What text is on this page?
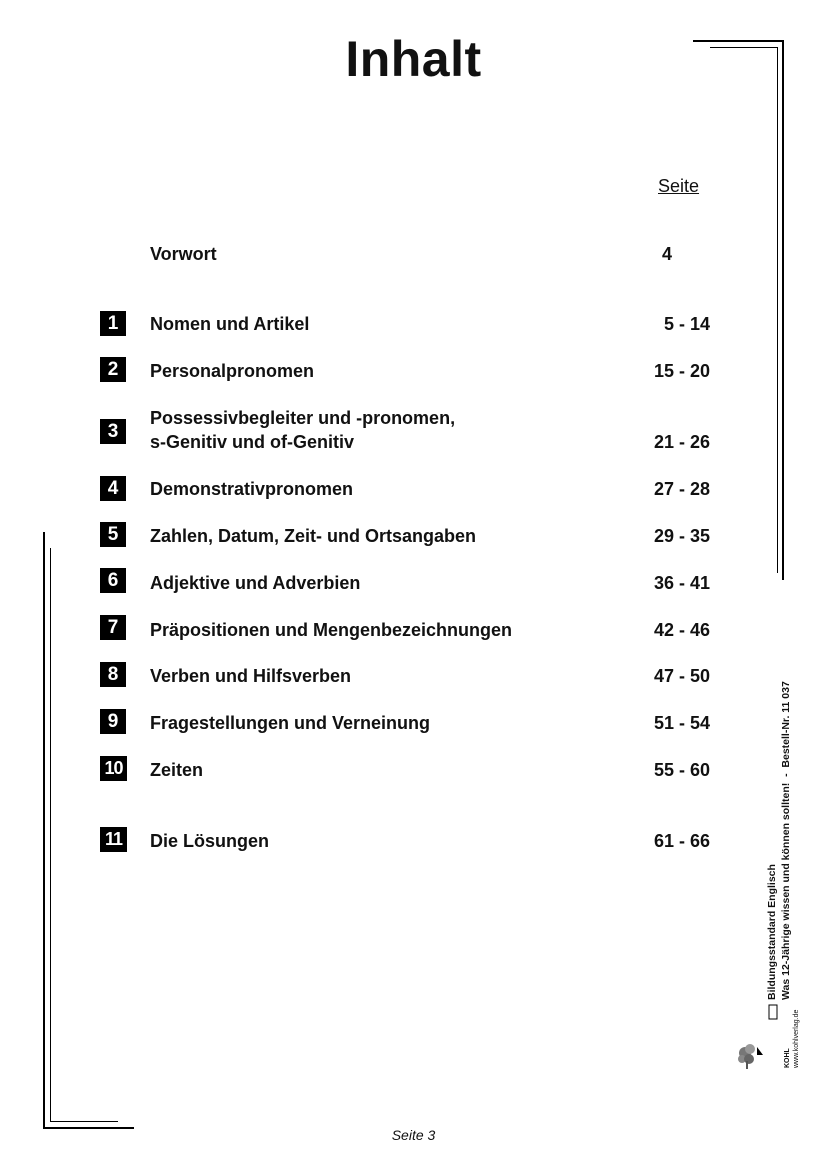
Inhalt
Seite
Vorwort	4
1	Nomen und Artikel	5 - 14
2	Personalpronomen	15 - 20
3
Possessivbegleiter und -pronomen,
s-Genitiv und of-Genitiv	21 - 26
4	Demonstrativpronomen	27 - 28
5	Zahlen, Datum, Zeit- und Ortsangaben	29 - 35
6	Adjektive und Adverbien	36 - 41
7	Präpositionen und Mengenbezeichnungen	42 - 46
8	Verben und Hilfsverben	47 - 50
9	Fragestellungen und Verneinung	51 - 54
10 Zeiten	55 - 60
11 Die Lösungen	61 - 66
Bildungsstandard Englisch Was 12-Jährige wissen und können sollten!  -  Bestell-Nr. 11 037
KOHL www.kohlverlag.de
Seite 3
